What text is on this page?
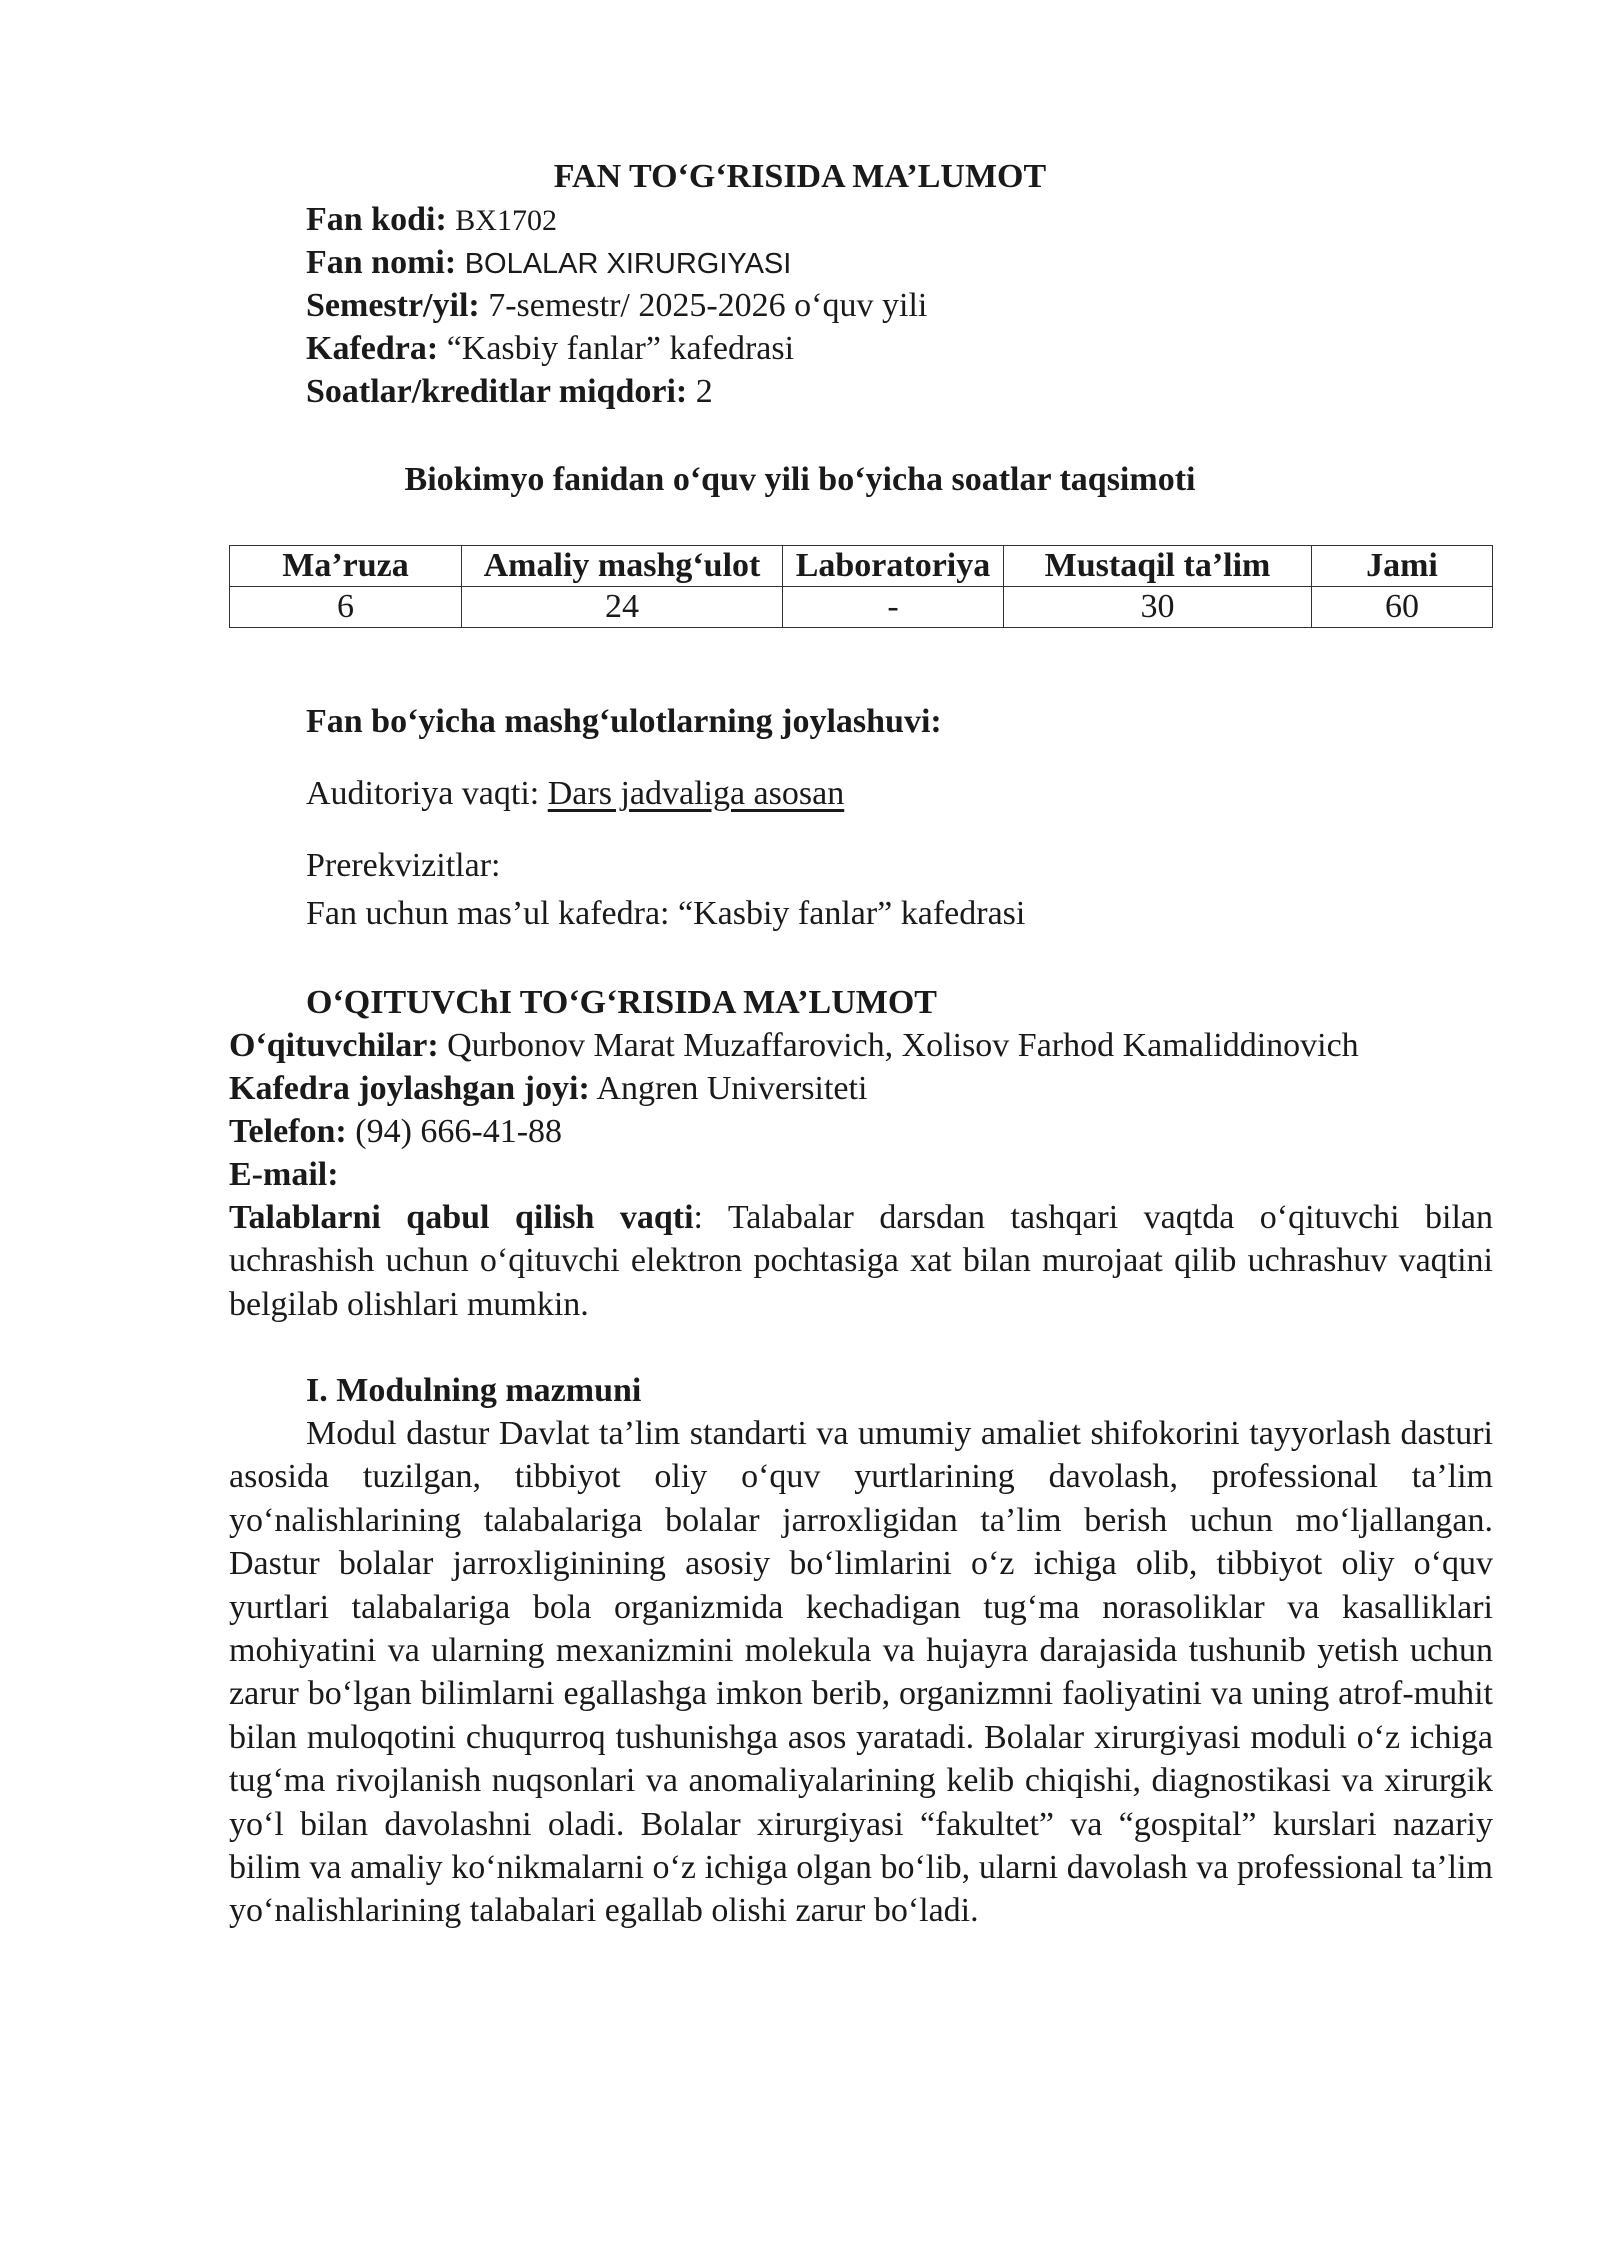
FAN TO‘G‘RISIDA MA’LUMOT
Fan kodi: BX1702
Fan nomi: BOLALAR XIRURGIYASI
Semestr/yil: 7-semestr/ 2025-2026 o‘quv yili
Kafedra: “Kasbiy fanlar” kafedrasi
Soatlar/kreditlar miqdori: 2
Biokimyo fanidan o‘quv yili bo‘yicha soatlar taqsimoti
Ma’ruza	Amaliy mashg‘ulot	Laboratoriya	Mustaqil ta’lim	Jami
6	24	-	30	60
Fan bo‘yicha mashg‘ulotlarning joylashuvi:
Auditoriya vaqti: Dars jadvaliga asosan
Prerekvizitlar:
Fan uchun mas’ul kafedra: “Kasbiy fanlar” kafedrasi
O‘QITUVChI TO‘G‘RISIDA MA’LUMOT
O‘qituvchilar: Qurbonov Marat Muzaffarovich, Xolisov Farhod Kamaliddinovich
Kafedra joylashgan joyi: Angren Universiteti
Telefon: (94) 666-41-88
E-mail:
Talablarni qabul qilish vaqti: Talabalar darsdan tashqari vaqtda o‘qituvchi bilan uchrashish uchun o‘qituvchi elektron pochtasiga xat bilan murojaat qilib uchrashuv vaqtini belgilab olishlari mumkin.
I. Modulning mazmuni
Modul dastur Davlat ta’lim standarti va umumiy amaliet shifokorini tayyorlash dasturi asosida tuzilgan, tibbiyot oliy o‘quv yurtlarining davolash, professional ta’lim yo‘nalishlarining talabalariga bolalar jarroxligidan ta’lim berish uchun mo‘ljallangan. Dastur bolalar jarroxliginining asosiy bo‘limlarini o‘z ichiga olib, tibbiyot oliy o‘quv yurtlari talabalariga bola organizmida kechadigan tug‘ma norasoliklar va kasalliklari mohiyatini va ularning mexanizmini molekula va hujayra darajasida tushunib yetish uchun zarur bo‘lgan bilimlarni egallashga imkon berib, organizmni faoliyatini va uning atrof-muhit bilan muloqotini chuqurroq tushunishga asos yaratadi. Bolalar xirurgiyasi moduli o‘z ichiga tug‘ma rivojlanish nuqsonlari va anomaliyalarining kelib chiqishi, diagnostikasi va xirurgik yo‘l bilan davolashni oladi. Bolalar xirurgiyasi “fakultet” va “gospital” kurslari nazariy bilim va amaliy ko‘nikmalarni o‘z ichiga olgan bo‘lib, ularni davolash va professional ta’lim yo‘nalishlarining talabalari egallab olishi zarur bo‘ladi.
